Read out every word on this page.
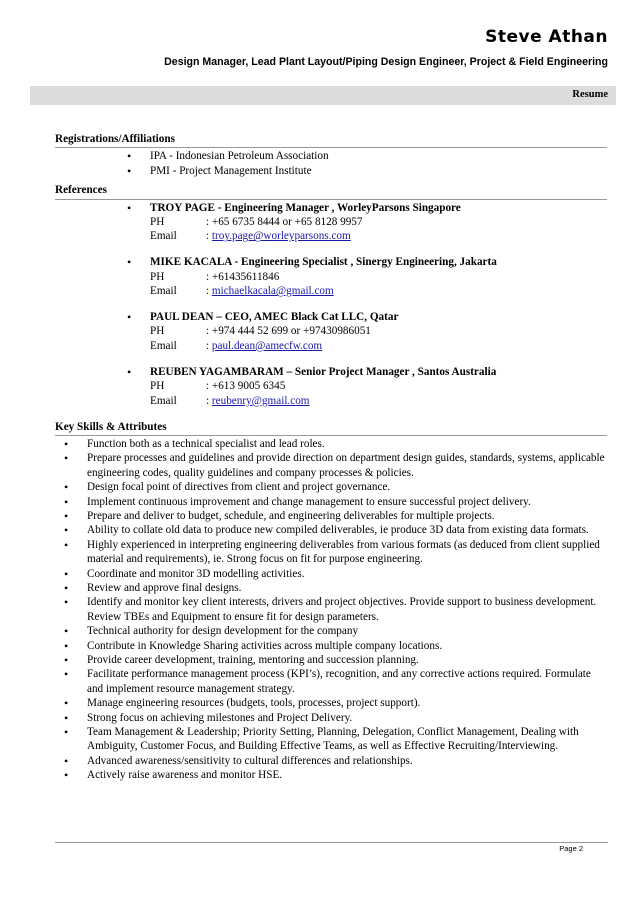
Steve Athan
Design Manager, Lead Plant Layout/Piping Design Engineer, Project & Field Engineering
Resume
Registrations/Affiliations
• IPA - Indonesian Petroleum Association
• PMI - Project Management Institute
References
• TROY PAGE - Engineering Manager , WorleyParsons Singapore
PH	: +65 6735 8444 or +65 8128 9957
Email	: troy.page@worleyparsons.com
• MIKE KACALA - Engineering Specialist , Sinergy Engineering, Jakarta
PH	: +61435611846
Email	: michaelkacala@gmail.com
• PAUL DEAN – CEO, AMEC Black Cat LLC, Qatar
PH	: +974 444 52 699 or +97430986051
Email	: paul.dean@amecfw.com
• REUBEN YAGAMBARAM – Senior Project Manager , Santos Australia
PH	: +613 9005 6345
Email	: reubenry@gmail.com
Key Skills & Attributes
• Function both as a technical specialist and lead roles.
• Prepare processes and guidelines and provide direction on department design guides, standards, systems, applicable engineering codes, quality guidelines and company processes & policies.
• Design focal point of directives from client and project governance.
• Implement continuous improvement and change management to ensure successful project delivery.
• Prepare and deliver to budget, schedule, and engineering deliverables for multiple projects.
• Ability to collate old data to produce new compiled deliverables, ie produce 3D data from existing data formats.
• Highly experienced in interpreting engineering deliverables from various formats (as deduced from client supplied material and requirements), ie. Strong focus on fit for purpose engineering.
• Coordinate and monitor 3D modelling activities.
• Review and approve final designs.
• Identify and monitor key client interests, drivers and project objectives. Provide support to business development. Review TBEs and Equipment to ensure fit for design parameters.
• Technical authority for design development for the company
• Contribute in Knowledge Sharing activities across multiple company locations.
• Provide career development, training, mentoring and succession planning.
• Facilitate performance management process (KPI’s), recognition, and any corrective actions required. Formulate and implement resource management strategy.
• Manage engineering resources (budgets, tools, processes, project support).
• Strong focus on achieving milestones and Project Delivery.
• Team Management & Leadership; Priority Setting, Planning, Delegation, Conflict Management, Dealing with Ambiguity, Customer Focus, and Building Effective Teams, as well as Effective Recruiting/Interviewing.
• Advanced awareness/sensitivity to cultural differences and relationships.
• Actively raise awareness and monitor HSE.
Page 2
